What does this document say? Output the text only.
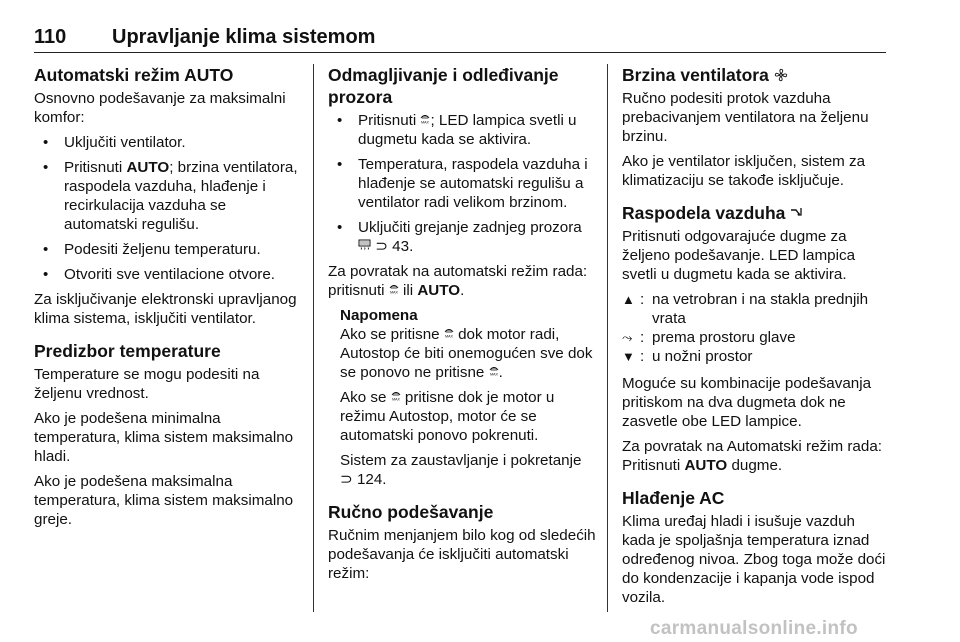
110 Upravljanje klima sistemom
Automatski režim AUTO

Osnovno podešavanje za maksimalni komfor:

• Uključiti ventilator.
• Pritisnuti AUTO; brzina ventilatora, raspodela vazduha, hlađenje i recirkulacija vazduha se automatski regulišu.
• Podesiti željenu temperaturu.
• Otvoriti sve ventilacione otvore.

Za isključivanje elektronski upravljanog klima sistema, isključiti ventilator.

Predizbor temperature

Temperature se mogu podesiti na željenu vrednost.

Ako je podešena minimalna temperatura, klima sistem maksimalno hladi.

Ako je podešena maksimalna temperatura, klima sistem maksimalno greje.

Odmagljivanje i odleđivanje prozora
• Pritisnuti MAX ; LED lampica svetli u dugmetu kada se aktivira.
• Temperatura, raspodela vazduha i hlađenje se automatski regulišu a ventilator radi velikom brzinom.
• Uključiti grejanje zadnjeg prozora  ⊃ 43.

Za povratak na automatski režim rada: pritisnuti MAX ili AUTO.

Napomena

Ako se pritisne MAX dok motor radi, Autostop će biti onemogućen sve dok se ponovo ne pritisne MAX .

Ako se MAX pritisne dok je motor u režimu Autostop, motor će se automatski ponovo pokrenuti.

Sistem za zaustavljanje i pokretanje ⊃ 124.

Ručno podešavanje

Ručnim menjanjem bilo kog od sledećih podešavanja će isključiti automatski režim:

Brzina ventilatora

Ručno podesiti protok vazduha prebacivanjem ventilatora na željenu brzinu.

Ako je ventilator isključen, sistem za klimatizaciju se takođe isključuje.

Raspodela vazduha

Pritisnuti odgovarajuće dugme za željeno podešavanje. LED lampica svetli u dugmetu kada se aktivira.

▲ : na vetrobran i na stakla prednjih vrata
⤳ : prema prostoru glave
▼ : u nožni prostor

Moguće su kombinacije podešavanja pritiskom na dva dugmeta dok ne zasvetle obe LED lampice.

Za povratak na Automatski režim rada: Pritisnuti AUTO dugme.

Hlađenje AC

Klima uređaj hladi i isušuje vazduh kada je spoljašnja temperatura iznad određenog nivoa. Zbog toga može doći do kondenzacije i kapanja vode ispod vozila.

carmanualsonline.info
